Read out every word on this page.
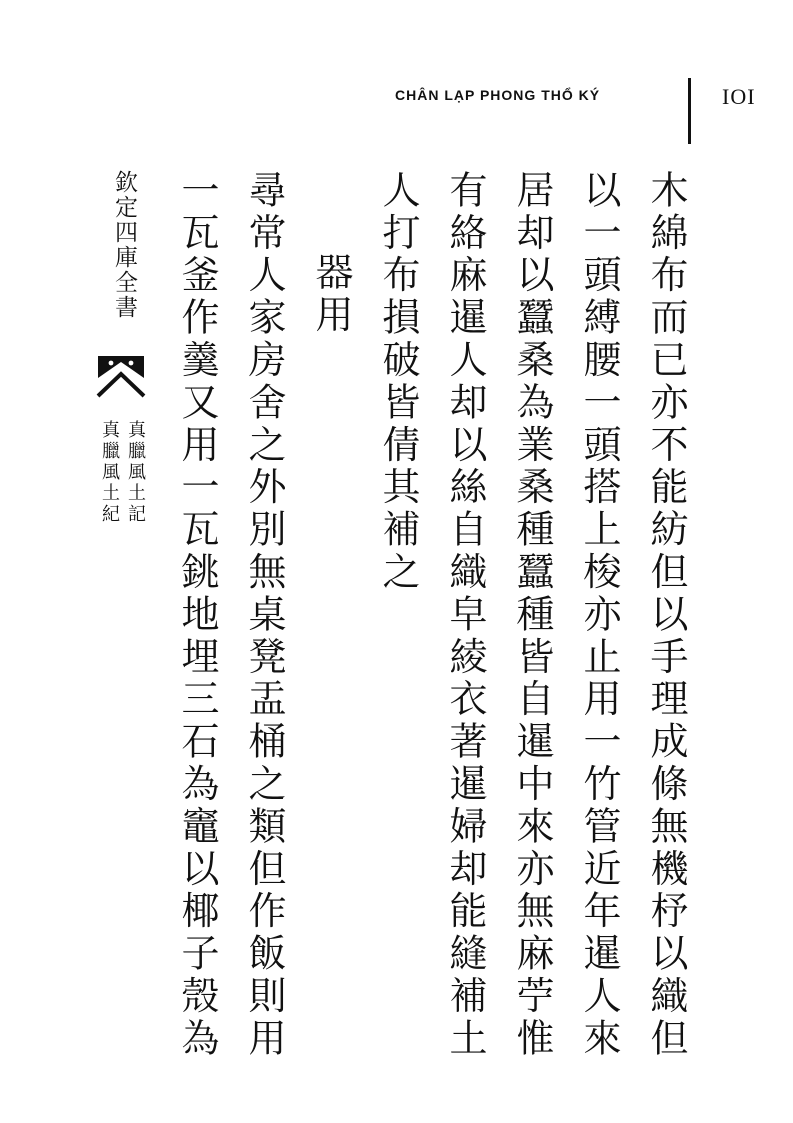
CHÂN LẠP PHONG THỔ KÝ	IOI
木綿布而已亦不能紡但以手理成條無機杼以織但
以一頭縛腰一頭搭上梭亦止用一竹管近年暹人來
居却以蠶桑為業桑種蠶種皆自暹中來亦無麻苧惟
有絡麻暹人却以絲自織皁綾衣著暹婦却能縫補土
人打布損破皆倩其補之
器用
尋常人家房舍之外別無桌凳盂桶之類但作飯則用
一瓦釜作羹又用一瓦銚地埋三石為竈以椰子殼為
欽定四庫全書
真臘風土記
真臘風土紀
